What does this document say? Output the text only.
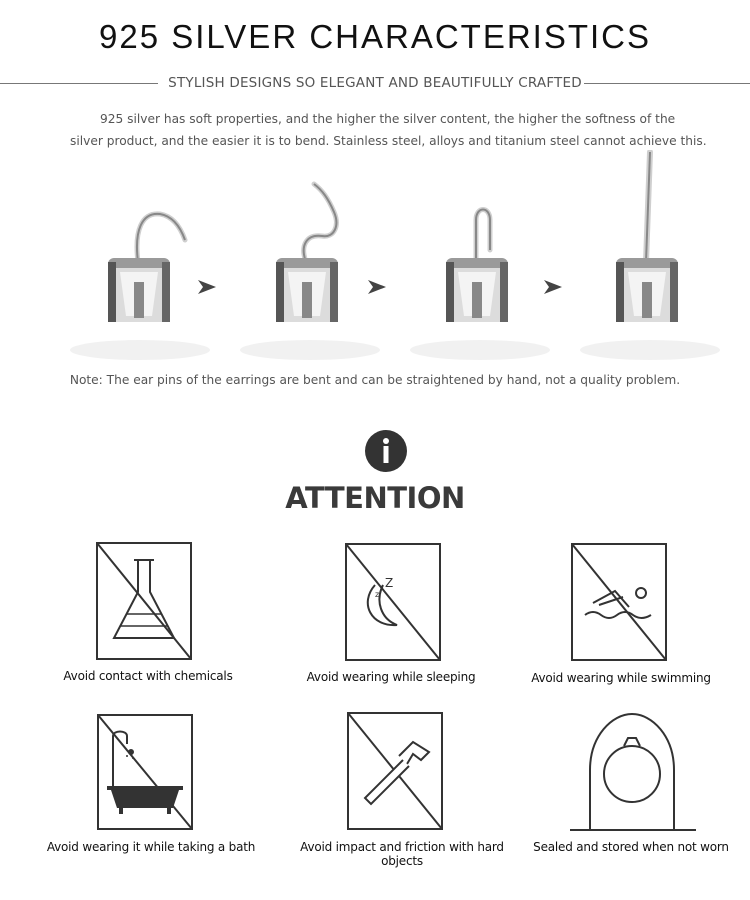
925 SILVER CHARACTERISTICS
STYLISH DESIGNS SO ELEGANT AND BEAUTIFULLY CRAFTED
925 silver has soft properties, and the higher the silver content, the higher the softness of the silver product, and the easier it is to bend. Stainless steel, alloys and titanium steel cannot achieve this.
Note: The ear pins of the earrings are bent and can be straightened by hand, not a quality problem.
ATTENTION
Avoid contact with chemicals
Z
z
Avoid wearing while sleeping	Avoid wearing while swimming
Avoid wearing it while taking a bath	Avoid impact and friction with hard objects
Sealed and stored when not worn
